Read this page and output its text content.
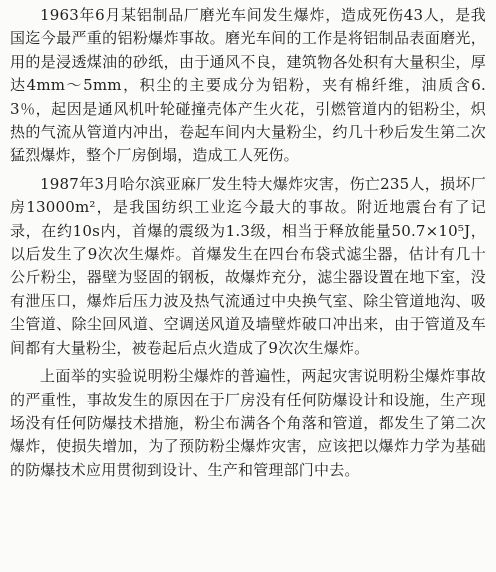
1963年6月某铝制品厂磨光车间发生爆炸，造成死伤43人，是我国迄今最严重的铝粉爆炸事故。磨光车间的工作是将铝制品表面磨光，用的是浸透煤油的砂纸，由于通风不良，建筑物各处积有大量积尘，厚达4mm～5mm，积尘的主要成分为铝粉，夹有棉纤维，油质含6.3％，起因是通风机叶轮碰撞壳体产生火花，引燃管道内的铝粉尘，炽热的气流从管道内冲出，卷起车间内大量粉尘，约几十秒后发生第二次猛烈爆炸，整个厂房倒塌，造成工人死伤。

1987年3月哈尔滨亚麻厂发生特大爆炸灾害，伤亡235人，损坏厂房13000m²，是我国纺织工业迄今最大的事故。附近地震台有了记录，在约10s内，首爆的震级为1.3级，相当于释放能量50.7×10⁵J，以后发生了9次次生爆炸。首爆发生在四台布袋式滤尘器，估计有几十公斤粉尘，器壁为竖固的钢板，故爆炸充分，滤尘器设置在地下室，没有泄压口，爆炸后压力波及热气流通过中央换气室、除尘管道地沟、吸尘管道、除尘回风道、空调送风道及墙壁炸破口冲出来，由于管道及车间都有大量粉尘，被卷起后点火造成了9次次生爆炸。

上面举的实验说明粉尘爆炸的普遍性，两起灾害说明粉尘爆炸事故的严重性，事故发生的原因在于厂房没有任何防爆设计和设施，生产现场没有任何防爆技术措施，粉尘布满各个角落和管道，都发生了第二次爆炸，使损失增加，为了预防粉尘爆炸灾害，应该把以爆炸力学为基础的防爆技术应用贯彻到设计、生产和管理部门中去。
